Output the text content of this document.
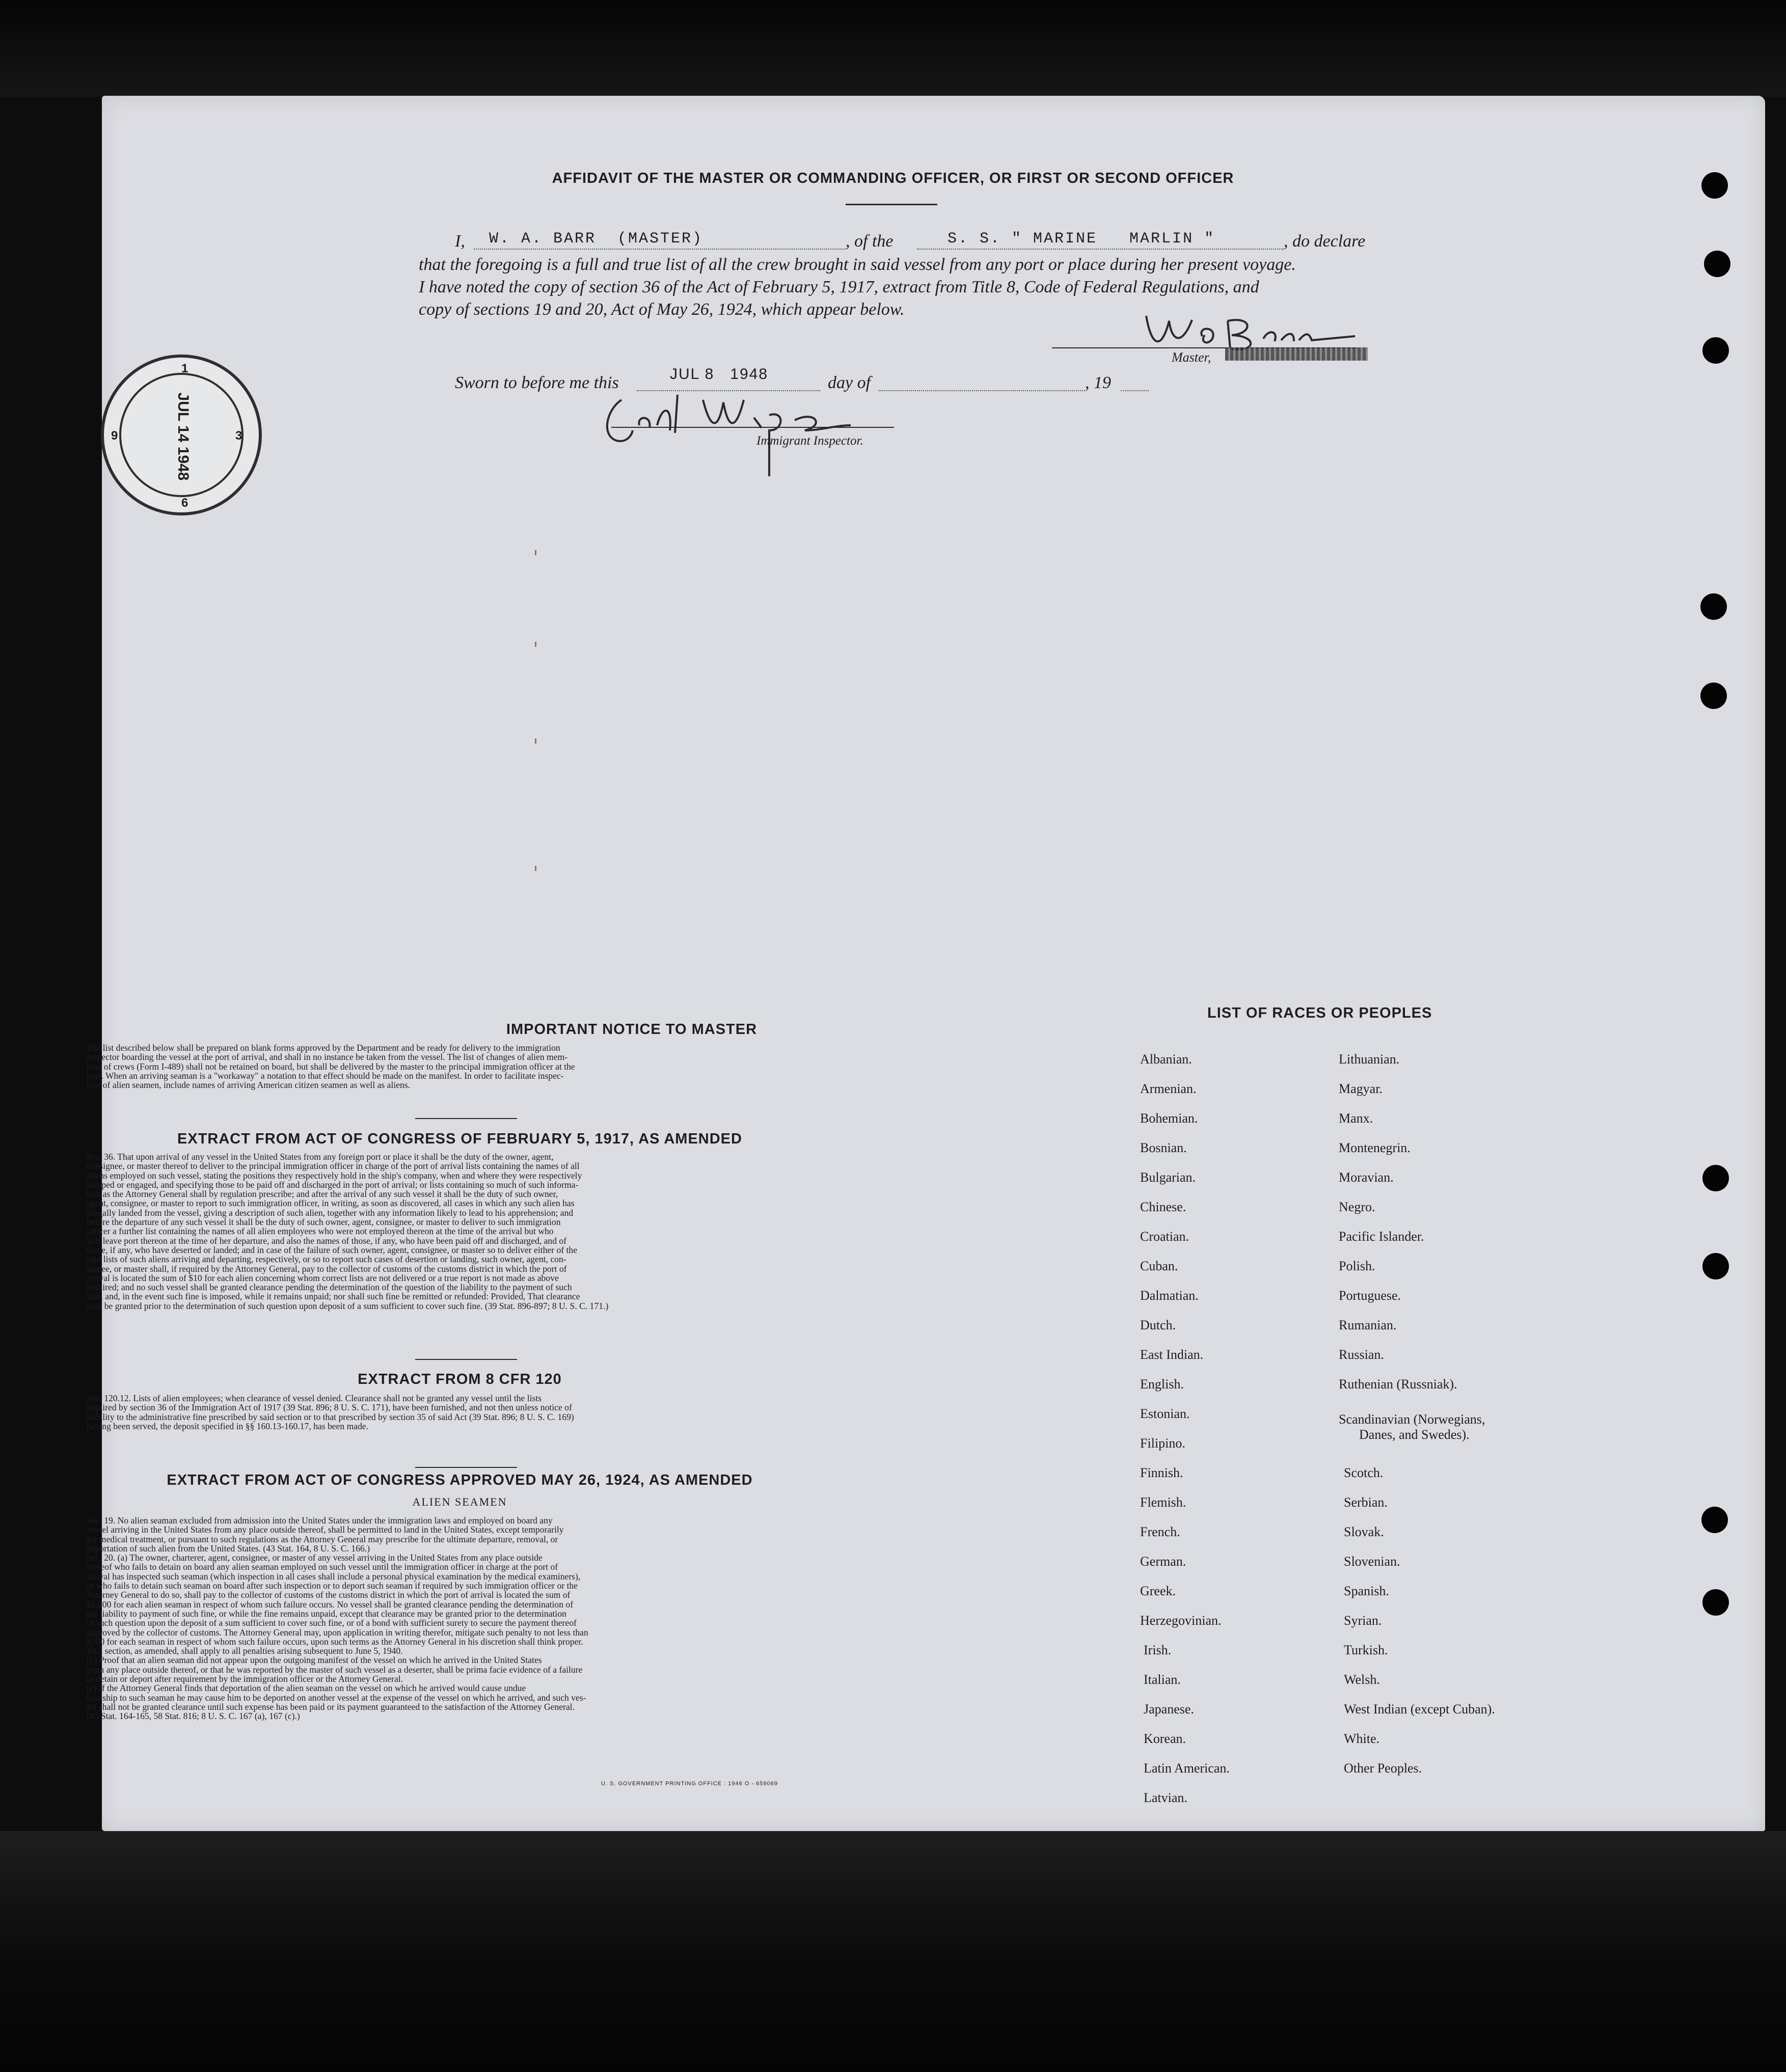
AFFIDAVIT OF THE MASTER OR COMMANDING OFFICER, OR FIRST OR SECOND OFFICER
I, W. A. BARR  (MASTER)	, of the	S. S. " MARINE   MARLIN "	, do declare
that the foregoing is a full and true list of all the crew brought in said vessel from any port or place during her present voyage.
I have noted the copy of section 36 of the Act of February 5, 1917, extract from Title 8, Code of Federal Regulations, and
copy of sections 19 and 20, Act of May 26, 1924, which appear below.
Master,
Sworn to before me this	JUL 8   1948	day of	, 19
Immigrant Inspector.
JUL 14 1948
1
3
6
9
IMPORTANT NOTICE TO MASTER
The list described below shall be prepared on blank forms approved by the Department and be ready for delivery to the immigration
inspector boarding the vessel at the port of arrival, and shall in no instance be taken from the vessel. The list of changes of alien mem-
bers of crews (Form I-489) shall not be retained on board, but shall be delivered by the master to the principal immigration officer at the
port. When an arriving seaman is a "workaway" a notation to that effect should be made on the manifest. In order to facilitate inspec-
tion of alien seamen, include names of arriving American citizen seamen as well as aliens.
EXTRACT FROM ACT OF CONGRESS OF FEBRUARY 5, 1917, AS AMENDED
Sec. 36. That upon arrival of any vessel in the United States from any foreign port or place it shall be the duty of the owner, agent,
consignee, or master thereof to deliver to the principal immigration officer in charge of the port of arrival lists containing the names of all
aliens employed on such vessel, stating the positions they respectively hold in the ship's company, when and where they were respectively
shipped or engaged, and specifying those to be paid off and discharged in the port of arrival; or lists containing so much of such informa-
tion as the Attorney General shall by regulation prescribe; and after the arrival of any such vessel it shall be the duty of such owner,
agent, consignee, or master to report to such immigration officer, in writing, as soon as discovered, all cases in which any such alien has
illegally landed from the vessel, giving a description of such alien, together with any information likely to lead to his apprehension; and
before the departure of any such vessel it shall be the duty of such owner, agent, consignee, or master to deliver to such immigration
officer a further list containing the names of all alien employees who were not employed thereon at the time of the arrival but who
will leave port thereon at the time of her departure, and also the names of those, if any, who have been paid off and discharged, and of
those, if any, who have deserted or landed; and in case of the failure of such owner, agent, consignee, or master so to deliver either of the
said lists of such aliens arriving and departing, respectively, or so to report such cases of desertion or landing, such owner, agent, con-
signee, or master shall, if required by the Attorney General, pay to the collector of customs of the customs district in which the port of
arrival is located the sum of $10 for each alien concerning whom correct lists are not delivered or a true report is not made as above
required; and no such vessel shall be granted clearance pending the determination of the question of the liability to the payment of such
fine, and, in the event such fine is imposed, while it remains unpaid; nor shall such fine be remitted or refunded: Provided, That clearance
may be granted prior to the determination of such question upon deposit of a sum sufficient to cover such fine. (39 Stat. 896-897; 8 U. S. C. 171.)
EXTRACT FROM 8 CFR 120
Sec. 120.12. Lists of alien employees; when clearance of vessel denied. Clearance shall not be granted any vessel until the lists
required by section 36 of the Immigration Act of 1917 (39 Stat. 896; 8 U. S. C. 171), have been furnished, and not then unless notice of
liability to the administrative fine prescribed by said section or to that prescribed by section 35 of said Act (39 Stat. 896; 8 U. S. C. 169)
having been served, the deposit specified in §§ 160.13-160.17, has been made.
EXTRACT FROM ACT OF CONGRESS APPROVED MAY 26, 1924, AS AMENDED
ALIEN SEAMEN
Sec. 19. No alien seaman excluded from admission into the United States under the immigration laws and employed on board any
vessel arriving in the United States from any place outside thereof, shall be permitted to land in the United States, except temporarily
for medical treatment, or pursuant to such regulations as the Attorney General may prescribe for the ultimate departure, removal, or
deportation of such alien from the United States. (43 Stat. 164, 8 U. S. C. 166.)
Sec. 20. (a) The owner, charterer, agent, consignee, or master of any vessel arriving in the United States from any place outside
thereof who fails to detain on board any alien seaman employed on such vessel until the immigration officer in charge at the port of
arrival has inspected such seaman (which inspection in all cases shall include a personal physical examination by the medical examiners),
or who fails to detain such seaman on board after such inspection or to deport such seaman if required by such immigration officer or the
Attorney General to do so, shall pay to the collector of customs of the customs district in which the port of arrival is located the sum of
$1,000 for each alien seaman in respect of whom such failure occurs. No vessel shall be granted clearance pending the determination of
the liability to payment of such fine, or while the fine remains unpaid, except that clearance may be granted prior to the determination
of such question upon the deposit of a sum sufficient to cover such fine, or of a bond with sufficient surety to secure the payment thereof
approved by the collector of customs. The Attorney General may, upon application in writing therefor, mitigate such penalty to not less than
$200 for each seaman in respect of whom such failure occurs, upon such terms as the Attorney General in his discretion shall think proper.
This section, as amended, shall apply to all penalties arising subsequent to June 5, 1940.
(b) Proof that an alien seaman did not appear upon the outgoing manifest of the vessel on which he arrived in the United States
from any place outside thereof, or that he was reported by the master of such vessel as a deserter, shall be prima facie evidence of a failure
to detain or deport after requirement by the immigration officer or the Attorney General.
(c) If the Attorney General finds that deportation of the alien seaman on the vessel on which he arrived would cause undue
hardship to such seaman he may cause him to be deported on another vessel at the expense of the vessel on which he arrived, and such ves-
sel shall not be granted clearance until such expense has been paid or its payment guaranteed to the satisfaction of the Attorney General.
(43 Stat. 164-165, 58 Stat. 816; 8 U. S. C. 167 (a), 167 (c).)
U. S. GOVERNMENT PRINTING OFFICE : 1946 O - 659069
LIST OF RACES OR PEOPLES
Albanian.
Armenian.
Bohemian.
Bosnian.
Bulgarian.
Chinese.
Croatian.
Cuban.
Dalmatian.
Dutch.
East Indian.
English.
Estonian.
Filipino.
Finnish.
Flemish.
French.
German.
Greek.
Herzegovinian.
Irish.
Italian.
Japanese.
Korean.
Latin American.
Latvian.
Lithuanian.
Magyar.
Manx.
Montenegrin.
Moravian.
Negro.
Pacific Islander.
Polish.
Portuguese.
Rumanian.
Russian.
Ruthenian (Russniak).
Scandinavian (Norwegians,
Danes, and Swedes).
Scotch.
Serbian.
Slovak.
Slovenian.
Spanish.
Syrian.
Turkish.
Welsh.
West Indian (except Cuban).
White.
Other Peoples.
